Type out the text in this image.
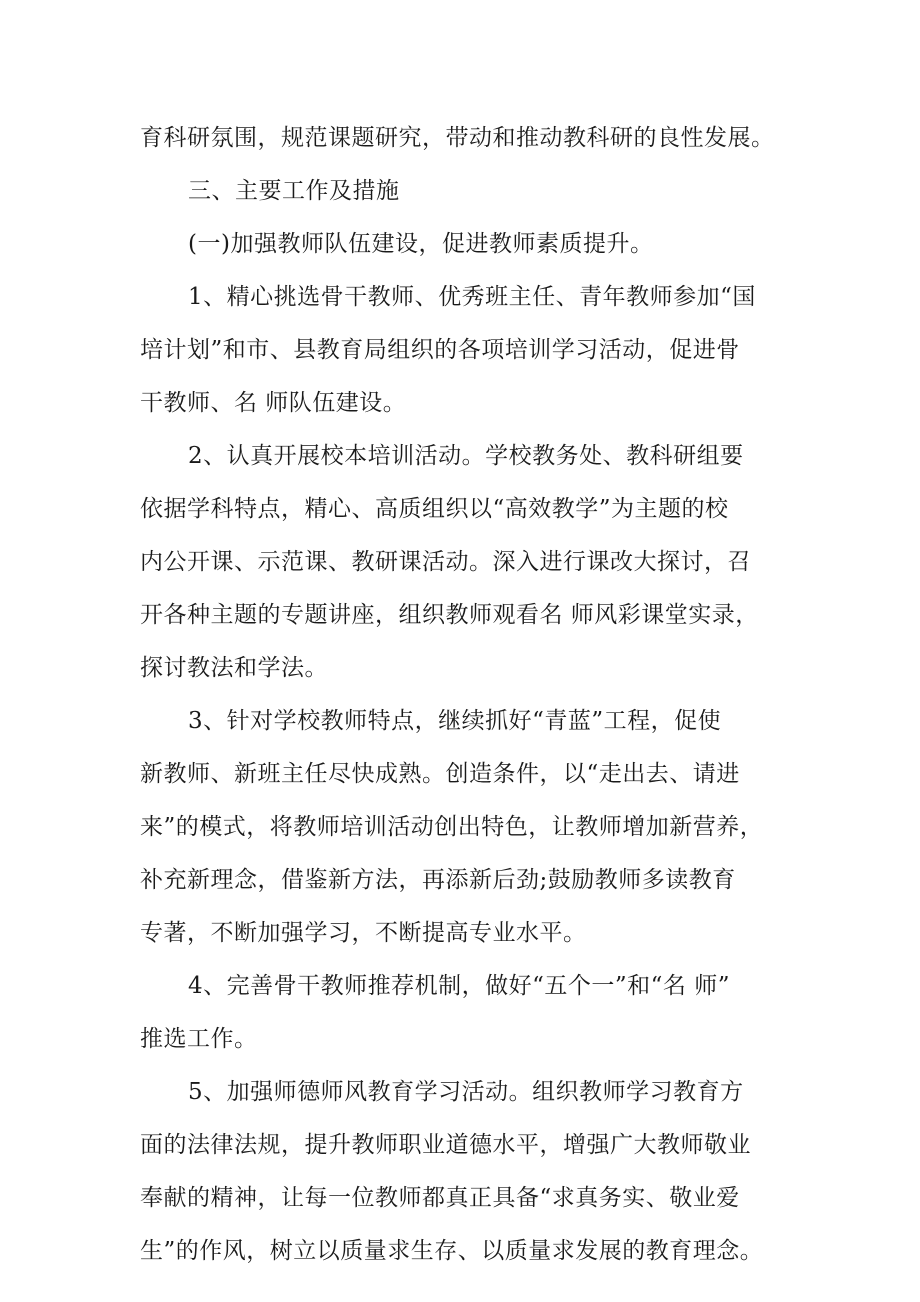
育科研氛围，规范课题研究，带动和推动教科研的良性发展。
三、主要工作及措施
(一)加强教师队伍建设，促进教师素质提升。
1、精心挑选骨干教师、优秀班主任、青年教师参加“国
培计划”和市、县教育局组织的各项培训学习活动，促进骨
干教师、名 师队伍建设。
2、认真开展校本培训活动。学校教务处、教科研组要
依据学科特点，精心、高质组织以“高效教学”为主题的校
内公开课、示范课、教研课活动。深入进行课改大探讨，召
开各种主题的专题讲座，组织教师观看名 师风彩课堂实录，
探讨教法和学法。
3、针对学校教师特点，继续抓好“青蓝”工程，促使
新教师、新班主任尽快成熟。创造条件，以“走出去、请进
来”的模式，将教师培训活动创出特色，让教师增加新营养，
补充新理念，借鉴新方法，再添新后劲;鼓励教师多读教育
专著，不断加强学习，不断提高专业水平。
4、完善骨干教师推荐机制，做好“五个一”和“名 师”
推选工作。
5、加强师德师风教育学习活动。组织教师学习教育方
面的法律法规，提升教师职业道德水平，增强广大教师敬业
奉献的精神，让每一位教师都真正具备“求真务实、敬业爱
生”的作风，树立以质量求生存、以质量求发展的教育理念。
